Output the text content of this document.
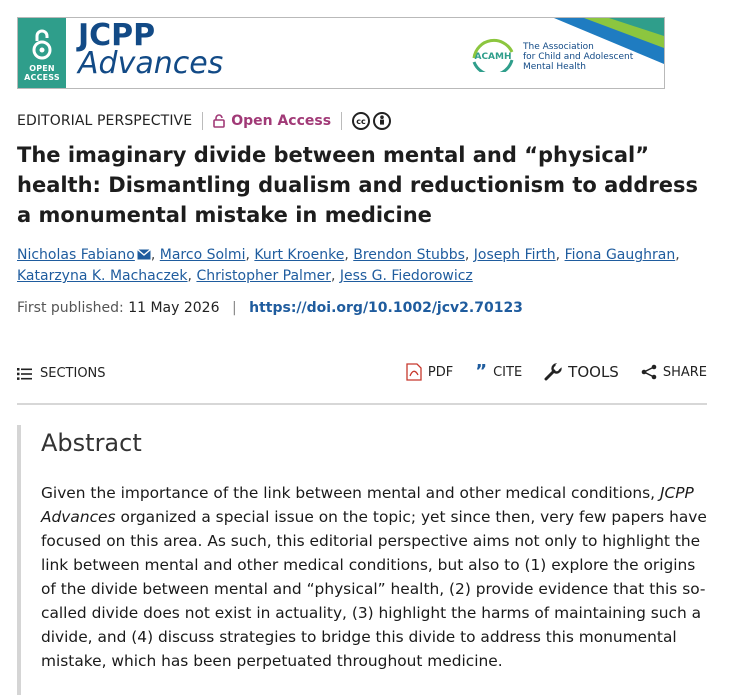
OPEN
ACCESS
JCPP
Advances	ACAMH
The Association
for Child and Adolescent
Mental Health
EDITORIAL PERSPECTIVE	Open Access	cc
The imaginary divide between mental and “physical” health: Dismantling dualism and reductionism to address a monumental mistake in medicine
Nicholas Fabiano , Marco Solmi, Kurt Kroenke, Brendon Stubbs, Joseph Firth, Fiona Gaughran,
Katarzyna K. Machaczek, Christopher Palmer, Jess G. Fiedorowicz
First published: 11 May 2026 | https://doi.org/10.1002/jcv2.70123
SECTIONS	PDF ” CITE	TOOLS	SHARE
Abstract

Given the importance of the link between mental and other medical conditions, JCPP Advances organized a special issue on the topic; yet since then, very few papers have focused on this area. As such, this editorial perspective aims not only to highlight the link between mental and other medical conditions, but also to (1) explore the origins of the divide between mental and “physical” health, (2) provide evidence that this so-called divide does not exist in actuality, (3) highlight the harms of maintaining such a divide, and (4) discuss strategies to bridge this divide to address this monumental mistake, which has been perpetuated throughout medicine.
